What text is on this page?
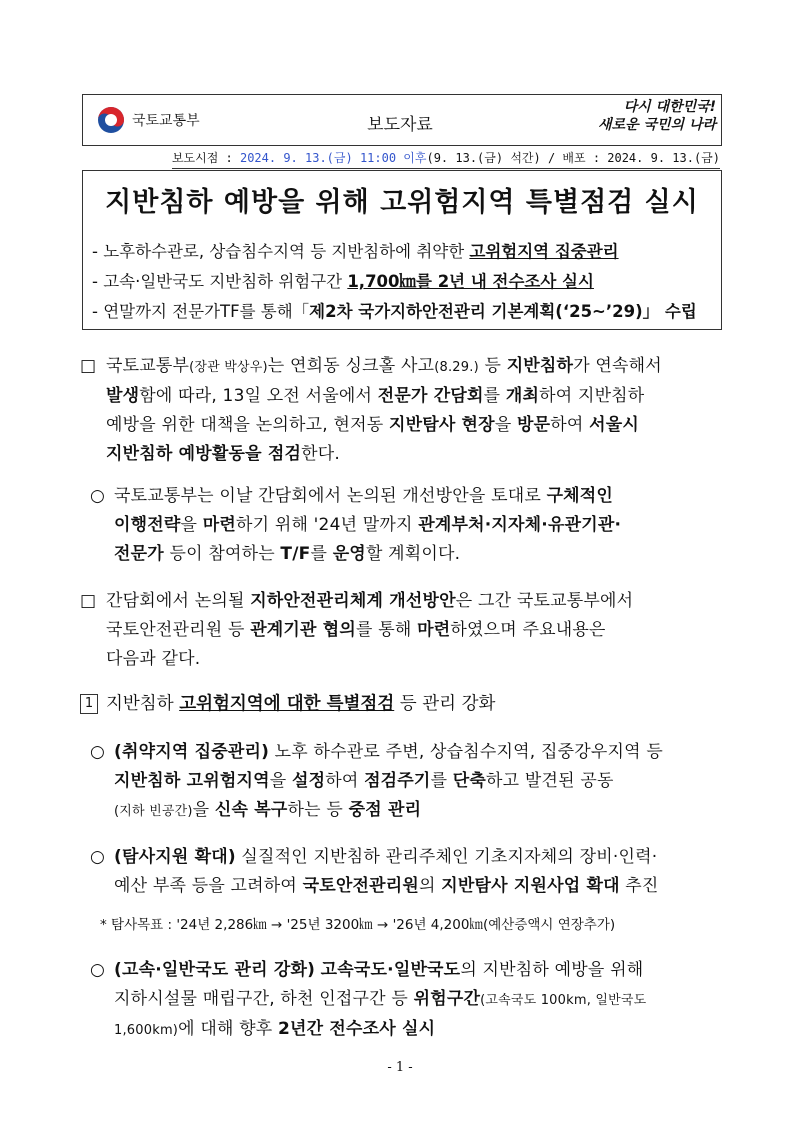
국토교통부	보도자료
다시 대한민국!
새로운 국민의 나라
보도시점 : 2024. 9. 13.(금) 11:00 이후(9. 13.(금) 석간) / 배포 : 2024. 9. 13.(금)
지반침하 예방을 위해 고위험지역 특별점검 실시
- 노후하수관로, 상습침수지역 등 지반침하에 취약한 고위험지역 집중관리
- 고속·일반국도 지반침하 위험구간 1,700㎞를 2년 내 전수조사 실시
- 연말까지 전문가TF를 통해「제2차 국가지하안전관리 기본계획(‘25~’29)」 수립
□ 국토교통부(장관 박상우)는 연희동 싱크홀 사고(8.29.) 등 지반침하가 연속해서
발생함에 따라, 13일 오전 서울에서 전문가 간담회를 개최하여 지반침하
예방을 위한 대책을 논의하고, 현저동 지반탐사 현장을 방문하여 서울시
지반침하 예방활동을 점검한다.
○ 국토교통부는 이날 간담회에서 논의된 개선방안을 토대로 구체적인
이행전략을 마련하기 위해 '24년 말까지 관계부처·지자체·유관기관·
전문가 등이 참여하는 T/F를 운영할 계획이다.
□ 간담회에서 논의될 지하안전관리체계 개선방안은 그간 국토교통부에서
국토안전관리원 등 관계기관 협의를 통해 마련하였으며 주요내용은
다음과 같다.
1 지반침하 고위험지역에 대한 특별점검 등 관리 강화
○ (취약지역 집중관리) 노후 하수관로 주변, 상습침수지역, 집중강우지역 등
지반침하 고위험지역을 설정하여 점검주기를 단축하고 발견된 공동
(지하 빈공간)을 신속 복구하는 등 중점 관리
○ (탐사지원 확대) 실질적인 지반침하 관리주체인 기초지자체의 장비·인력·
예산 부족 등을 고려하여 국토안전관리원의 지반탐사 지원사업 확대 추진
* 탐사목표 : '24년 2,286㎞ → '25년 3200㎞ → '26년 4,200㎞(예산증액시 연장추가)
○ (고속·일반국도 관리 강화) 고속국도·일반국도의 지반침하 예방을 위해
지하시설물 매립구간, 하천 인접구간 등 위험구간(고속국도 100km, 일반국도
1,600km)에 대해 향후 2년간 전수조사 실시
- 1 -
